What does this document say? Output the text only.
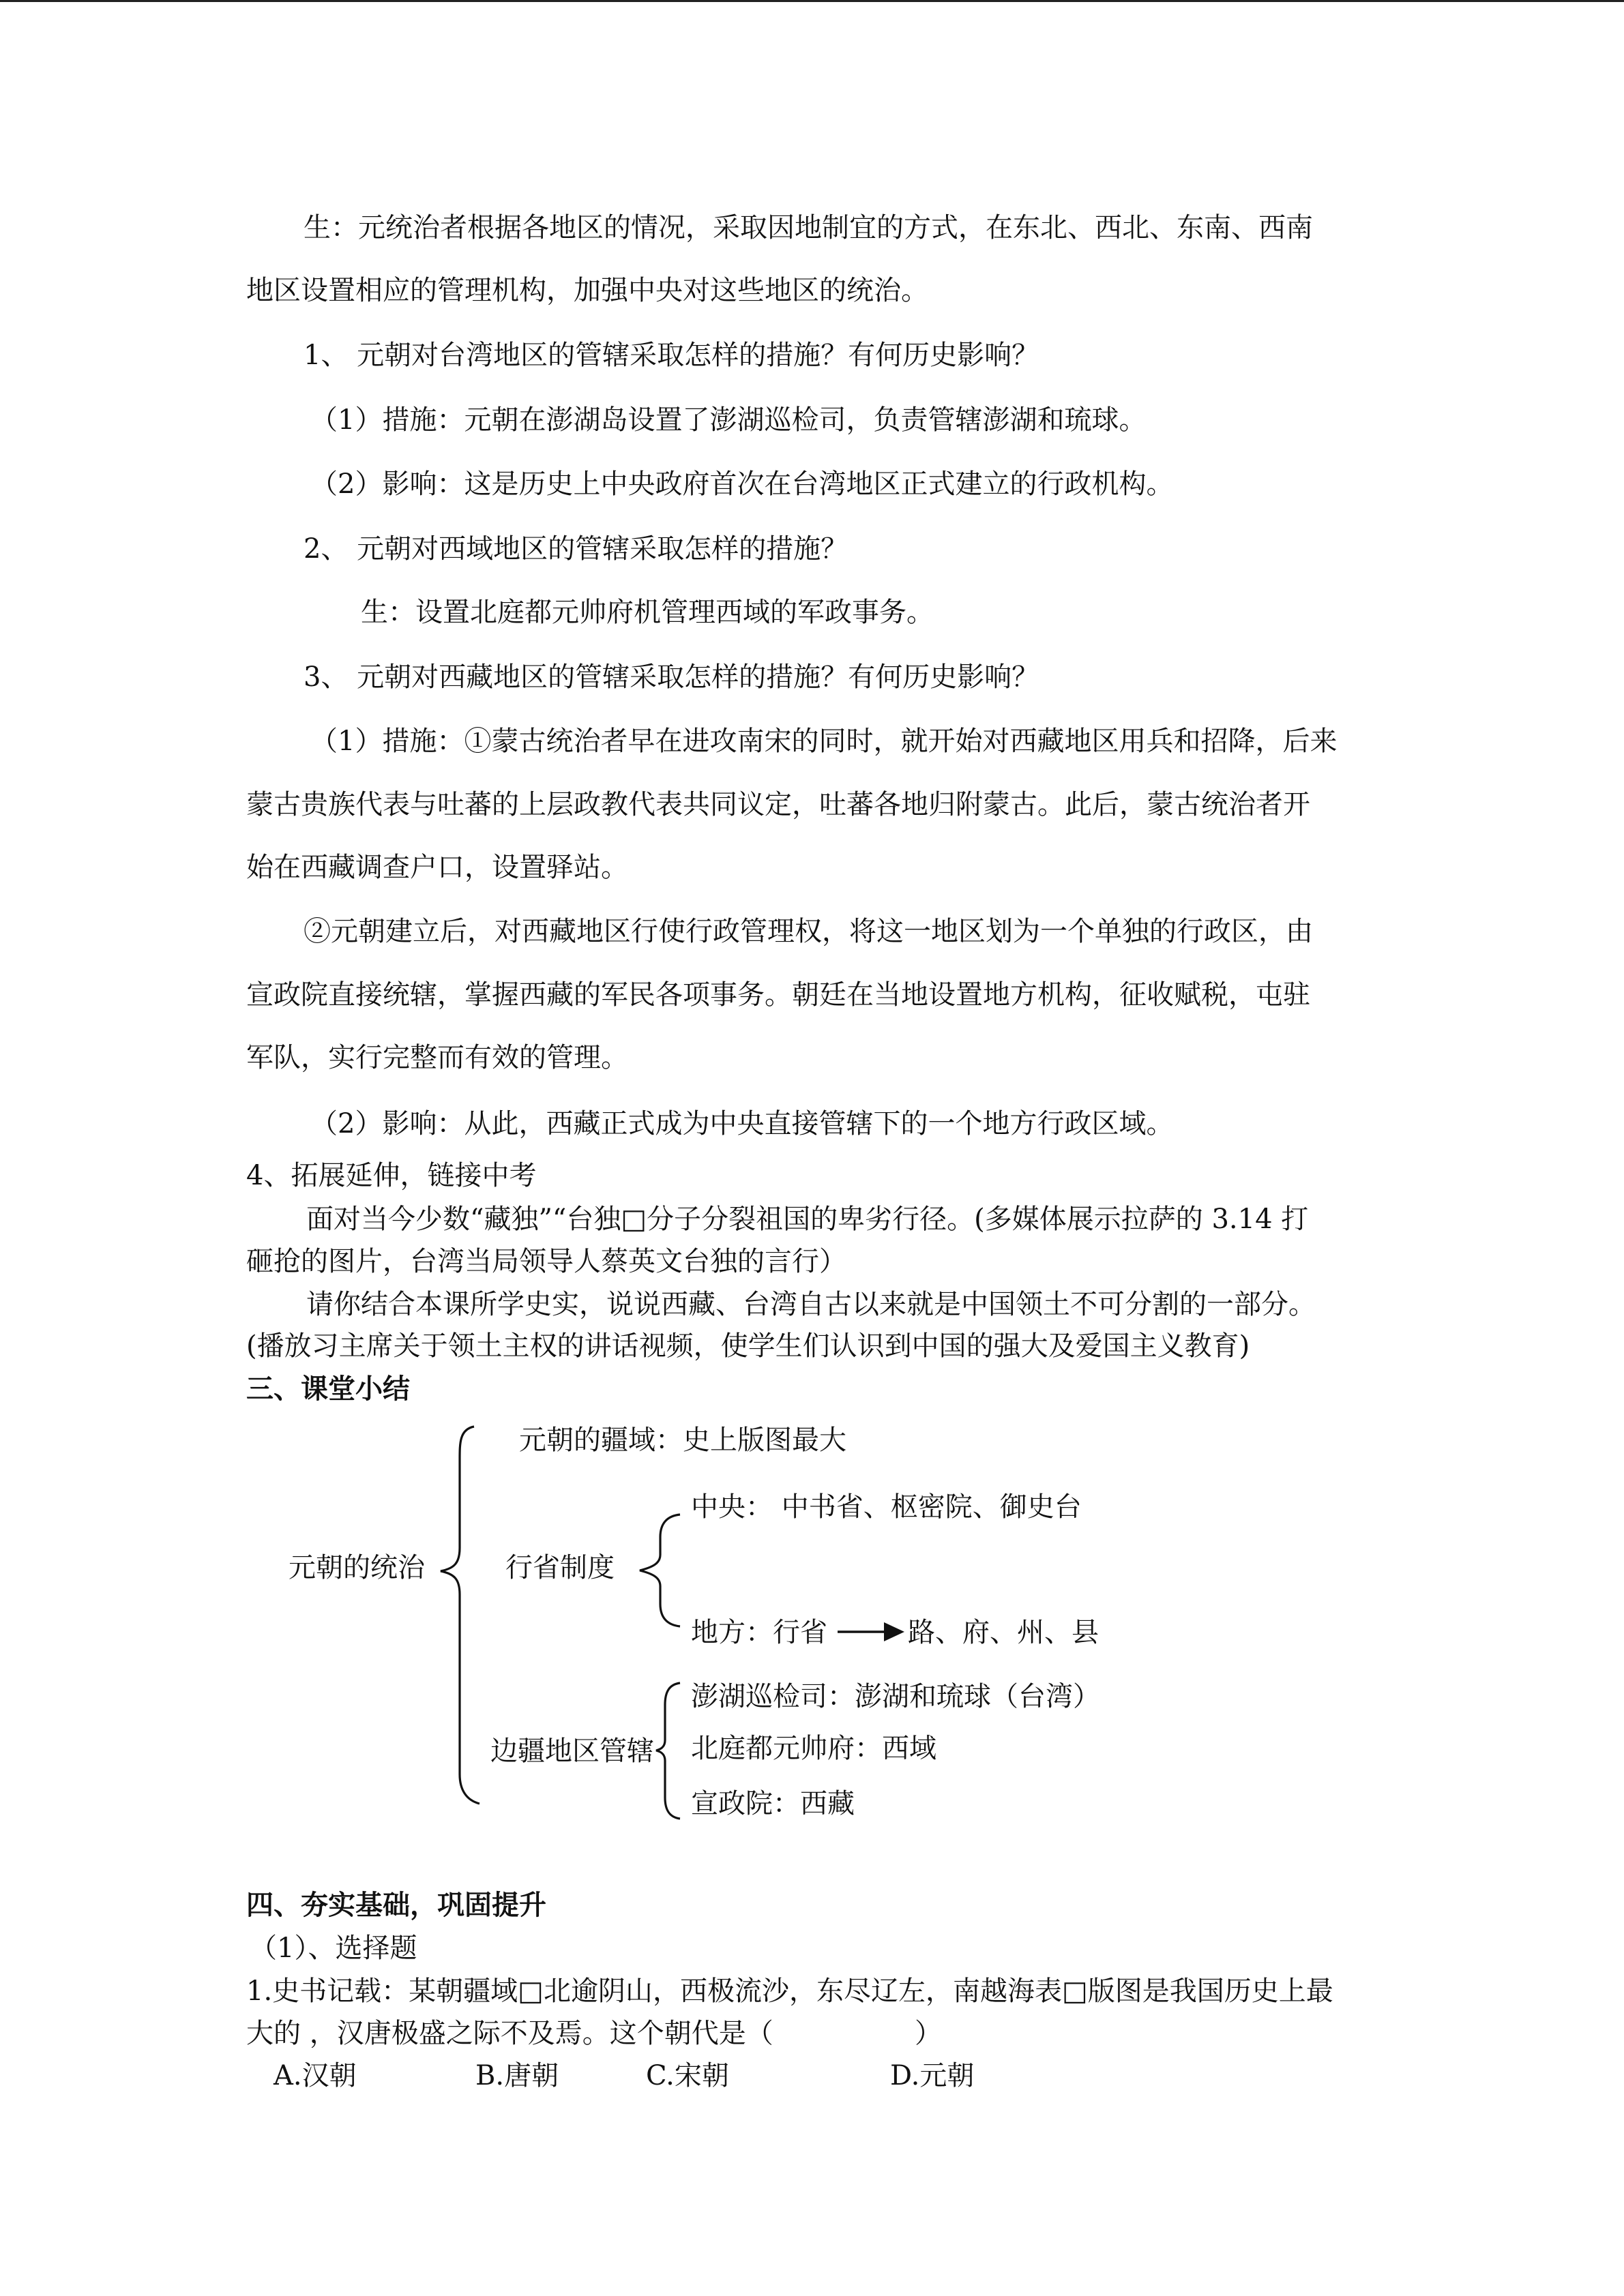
生：元统治者根据各地区的情况，采取因地制宜的方式，在东北、西北、东南、西南
地区设置相应的管理机构，加强中央对这些地区的统治。
1、 元朝对台湾地区的管辖采取怎样的措施？有何历史影响？
（1）措施：元朝在澎湖岛设置了澎湖巡检司，负责管辖澎湖和琉球。
（2）影响：这是历史上中央政府首次在台湾地区正式建立的行政机构。
2、 元朝对西域地区的管辖采取怎样的措施？
生：设置北庭都元帅府机管理西域的军政事务。
3、 元朝对西藏地区的管辖采取怎样的措施？有何历史影响？
（1）措施：①蒙古统治者早在进攻南宋的同时，就开始对西藏地区用兵和招降，后来
蒙古贵族代表与吐蕃的上层政教代表共同议定，吐蕃各地归附蒙古。此后，蒙古统治者开
始在西藏调查户口，设置驿站。
②元朝建立后，对西藏地区行使行政管理权，将这一地区划为一个单独的行政区，由
宣政院直接统辖，掌握西藏的军民各项事务。朝廷在当地设置地方机构，征收赋税，屯驻
军队，实行完整而有效的管理。
（2）影响：从此，西藏正式成为中央直接管辖下的一个地方行政区域。
4、拓展延伸，链接中考
面对当今少数“藏独”“台独□分子分裂祖国的卑劣行径。(多媒体展示拉萨的 3.14 打
砸抢的图片，台湾当局领导人蔡英文台独的言行）
请你结合本课所学史实，说说西藏、台湾自古以来就是中国领土不可分割的一部分。
(播放习主席关于领土主权的讲话视频，使学生们认识到中国的强大及爱国主义教育)
三、课堂小结
元朝的统治
元朝的疆域：史上版图最大
行省制度
中央： 中书省、枢密院、御史台
地方：行省	路、府、州、县
边疆地区管辖
澎湖巡检司：澎湖和琉球（台湾）
北庭都元帅府：西域
宣政院：西藏
四、夯实基础，巩固提升
（1）、选择题
1.史书记载：某朝疆域□北逾阴山，西极流沙，东尽辽左，南越海表□版图是我国历史上最
大的 ，汉唐极盛之际不及焉。这个朝代是（	）
A.汉朝	B.唐朝	C.宋朝	D.元朝
